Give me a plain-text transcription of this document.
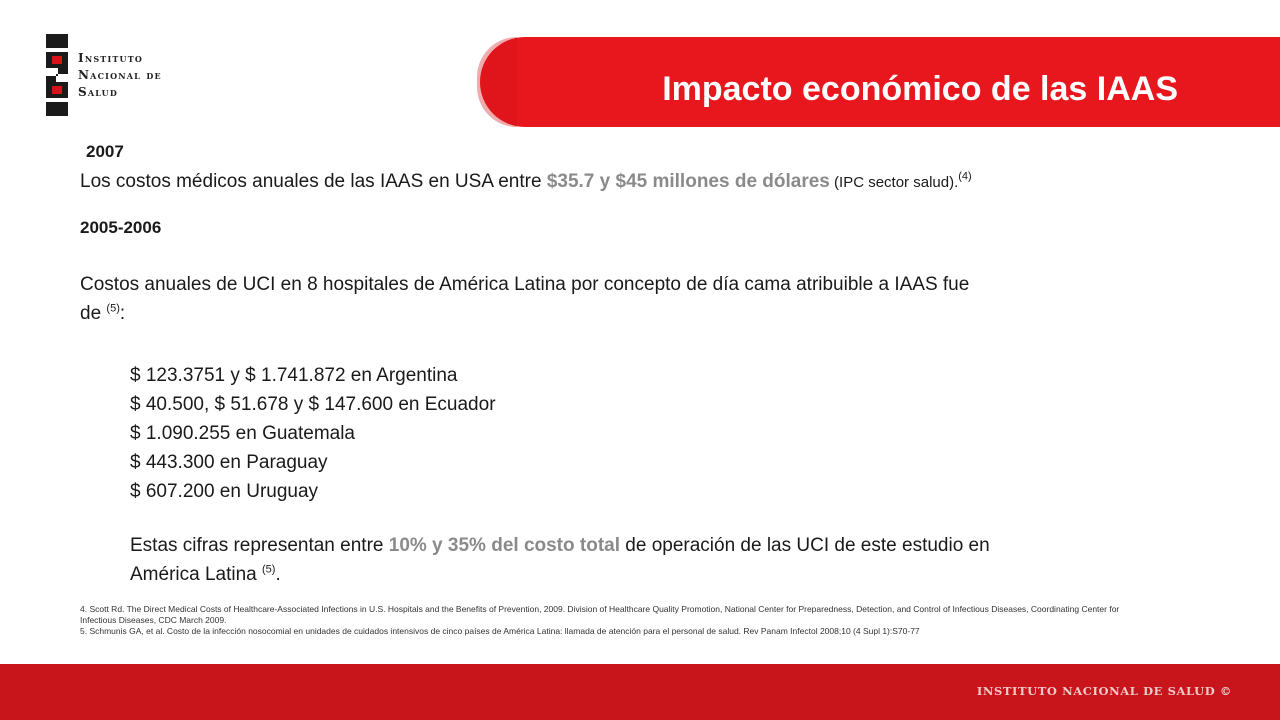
Instituto
Nacional de
Salud	Impacto económico de las IAAS
2007
Los costos médicos anuales de las IAAS en USA entre $35.7 y $45 millones de dólares (IPC sector salud).$^{(4)}$
2005-2006
Costos anuales de UCI en 8 hospitales de América Latina por concepto de día cama atribuible a IAAS fue
de $^{(5)}$:
$ 123.3751 y $ 1.741.872 en Argentina
$ 40.500, $ 51.678 y $ 147.600 en Ecuador
$ 1.090.255 en Guatemala
$ 443.300 en Paraguay
$ 607.200 en Uruguay
Estas cifras representan entre 10% y 35% del costo total de operación de las UCI de este estudio en
América Latina $^{(5)}$.
4. Scott Rd. The Direct Medical Costs of Healthcare-Associated Infections in U.S. Hospitals and the Benefits of Prevention, 2009. Division of Healthcare Quality Promotion, National Center for Preparedness, Detection, and Control of Infectious Diseases, Coordinating Center for Infectious Diseases, CDC March 2009.
5. Schmunis GA, et al. Costo de la infección nosocomial en unidades de cuidados intensivos de cinco países de América Latina: llamada de atención para el personal de salud. Rev Panam Infectol 2008;10 (4 Supl 1):S70-77
INSTITUTO NACIONAL DE SALUD ©
